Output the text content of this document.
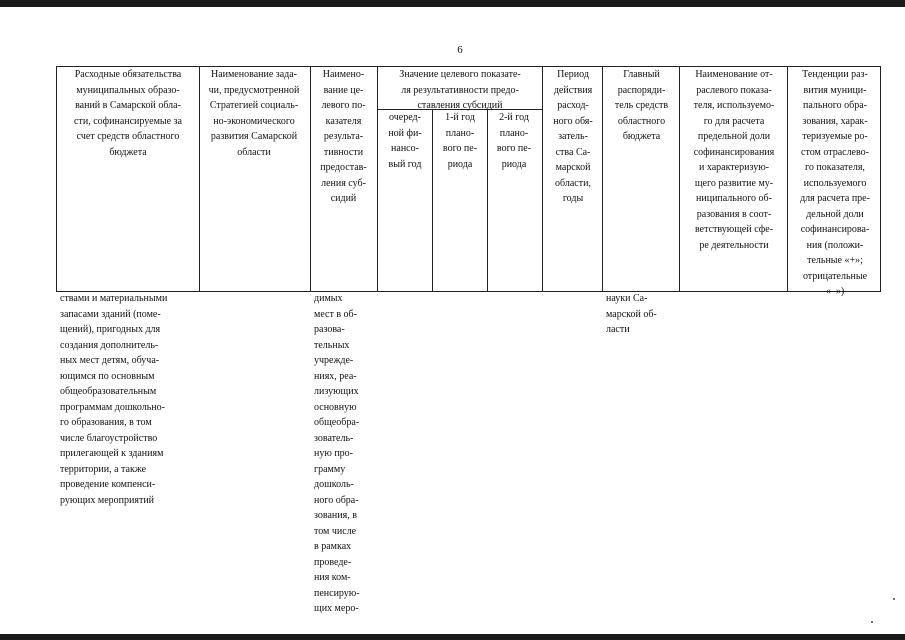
6
Расходные обязательства
муниципальных образо-
ваний в Самарской обла-
сти, софинансируемые за
счет средств областного
бюджета
Наименование зада-
чи, предусмотренной
Стратегией социаль-
но-экономического
развития Самарской
области
Наимено-
вание це-
левого по-
казателя
результа-
тивности
предостав-
ления суб-
сидий
Значение целевого показате-
ля результативности предо-
ставления субсидий
очеред-
ной фи-
нансо-
вый год
1-й год
плано-
вого пе-
риода
2-й год
плано-
вого пе-
риода
Период
действия
расход-
ного обя-
затель-
ства Са-
марской
области,
годы
Главный
распоряди-
тель средств
областного
бюджета
Наименование от-
раслевого показа-
теля, используемо-
го для расчета
предельной доли
софинансирования
и характеризую-
щего развитие му-
ниципального об-
разования в соот-
ветствующей сфе-
ре деятельности
Тенденции раз-
вития муници-
пального обра-
зования, харак-
теризуемые ро-
стом отраслево-
го показателя,
используемого
для расчета пре-
дельной доли
софинансирова-
ния (положи-
тельные «+»;
отрицательные
«–»)
ствами и материальными
запасами зданий (поме-
щений), пригодных для
создания дополнитель-
ных мест детям, обуча-
ющимся по основным
общеобразовательным
программам дошкольно-
го образования, в том
числе благоустройство
прилегающей к зданиям
территории, а также
проведение компенси-
рующих мероприятий
димых
мест в об-
разова-
тельных
учрежде-
ниях, реа-
лизующих
основную
общеобра-
зователь-
ную про-
грамму
дошколь-
ного обра-
зования, в
том числе
в рамках
проведе-
ния ком-
пенсирую-
щих меро-
науки Са-
марской об-
ласти
